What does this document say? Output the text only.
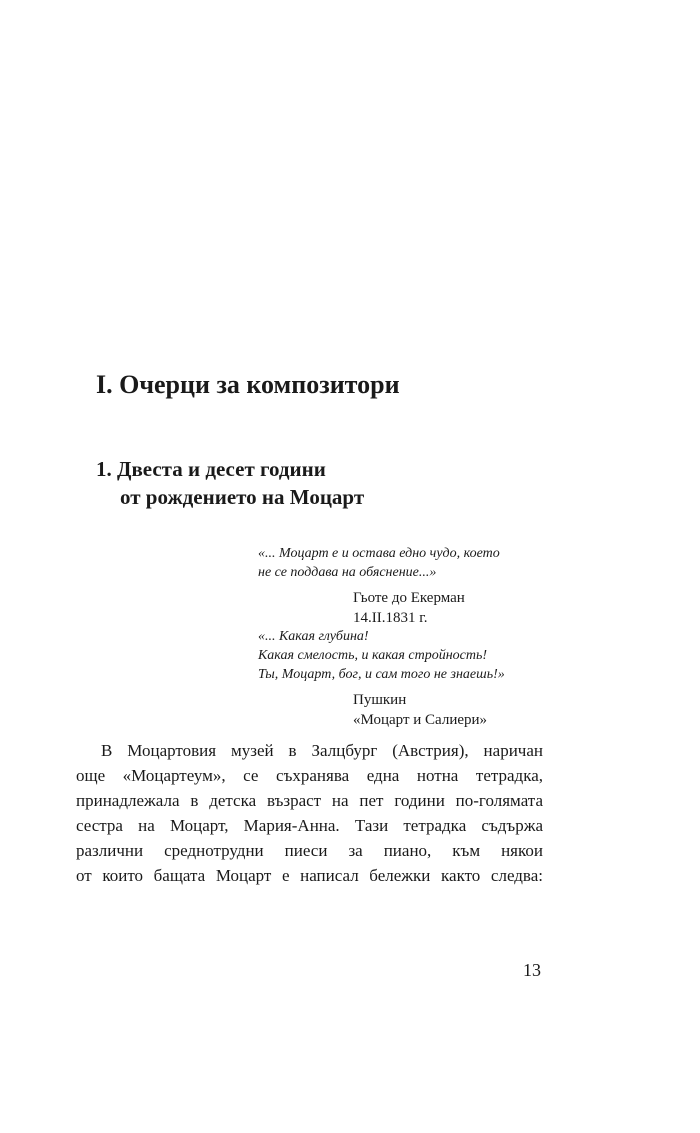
I. Очерци за композитори
1. Двеста и десет години
от рождението на Моцарт
«... Моцарт е и остава едно чудо, което
не се поддава на обяснение...»
Гьоте до Екерман
14.II.1831 г.
«... Какая глубина!
Какая смелость, и какая стройность!
Ты, Моцарт, бог, и сам того не знаешь!»
Пушкин
«Моцарт и Салиери»

В Моцартовия музей в Залцбург (Австрия), наричан
още «Моцартеум», се съхранява една нотна тетрадка,
принадлежала в детска възраст на пет години по-голямата
сестра на Моцарт, Мария-Анна. Тази тетрадка съдържа
различни среднотрудни пиеси за пиано, към някои
от които бащата Моцарт е написал бележки както следва:

13
